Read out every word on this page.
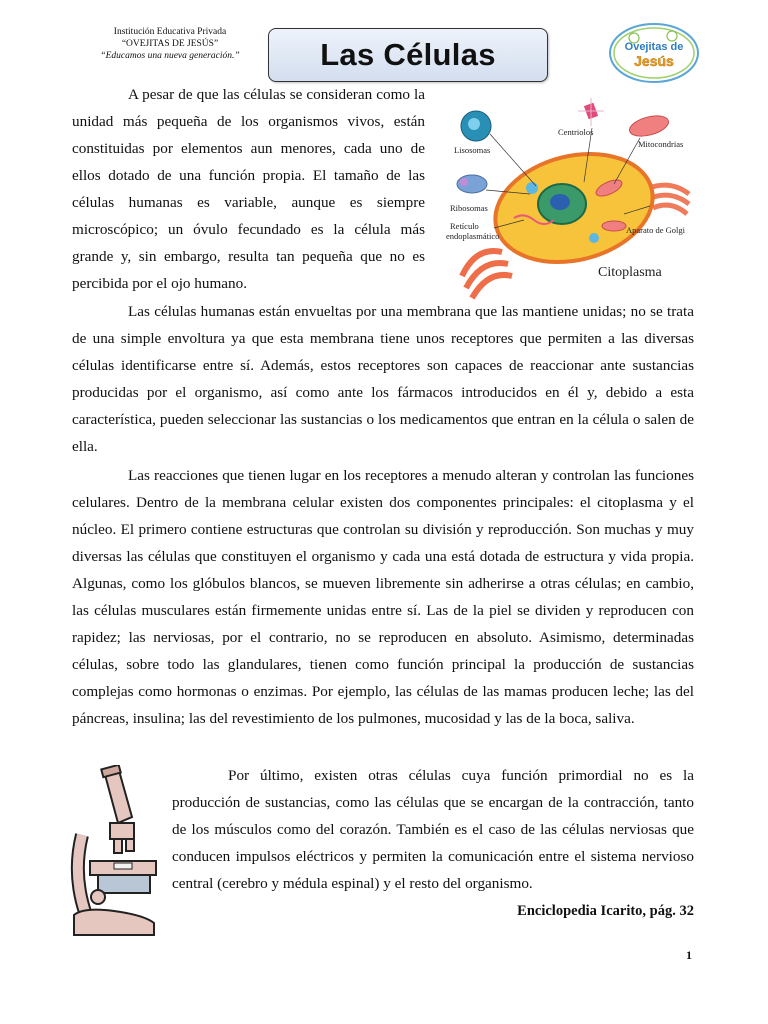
Institución Educativa Privada
“OVEJITAS DE JESÚS”
“Educamos una nueva generación.”	Las Células	Ovejitas de
Jesús

A pesar de que las células se consideran como la unidad más pequeña de los organismos vivos, están constituidas por elementos aun menores, cada uno de ellos dotado de una función propia. El tamaño de las células humanas es variable, aunque es siempre microscópico; un óvulo fecundado es la célula más grande y, sin embargo, resulta tan pequeña que no es percibida por el ojo humano.

Lisosomas
Centriolos
Mitocondrias
Ribosomas
Retículo
endoplasmático
Aparato de Golgi
Citoplasma

Las células humanas están envueltas por una membrana que las mantiene unidas; no se trata de una simple envoltura ya que esta membrana tiene unos receptores que permiten a las diversas células identificarse entre sí. Además, estos receptores son capaces de reaccionar ante sustancias producidas por el organismo, así como ante los fármacos introducidos en él y, debido a esta característica, pueden seleccionar las sustancias o los medicamentos que entran en la célula o salen de ella.

Las reacciones que tienen lugar en los receptores a menudo alteran y controlan las funciones celulares. Dentro de la membrana celular existen dos componentes principales: el citoplasma y el núcleo. El primero contiene estructuras que controlan su división y reproducción. Son muchas y muy diversas las células que constituyen el organismo y cada una está dotada de estructura y vida propia. Algunas, como los glóbulos blancos, se mueven libremente sin adherirse a otras células; en cambio, las células musculares están firmemente unidas entre sí. Las de la piel se dividen y reproducen con rapidez; las nerviosas, por el contrario, no se reproducen en absoluto. Asimismo, determinadas células, sobre todo las glandulares, tienen como función principal la producción de sustancias complejas como hormonas o enzimas. Por ejemplo, las células de las mamas producen leche; las del páncreas, insulina; las del revestimiento de los pulmones, mucosidad y las de la boca, saliva.

Por último, existen otras células cuya función primordial no es la producción de sustancias, como las células que se encargan de la contracción, tanto de los músculos como del corazón. También es el caso de las células nerviosas que conducen impulsos eléctricos y permiten la comunicación entre el sistema nervioso central (cerebro y médula espinal) y el resto del organismo.

Enciclopedia Icarito, pág. 32
1
